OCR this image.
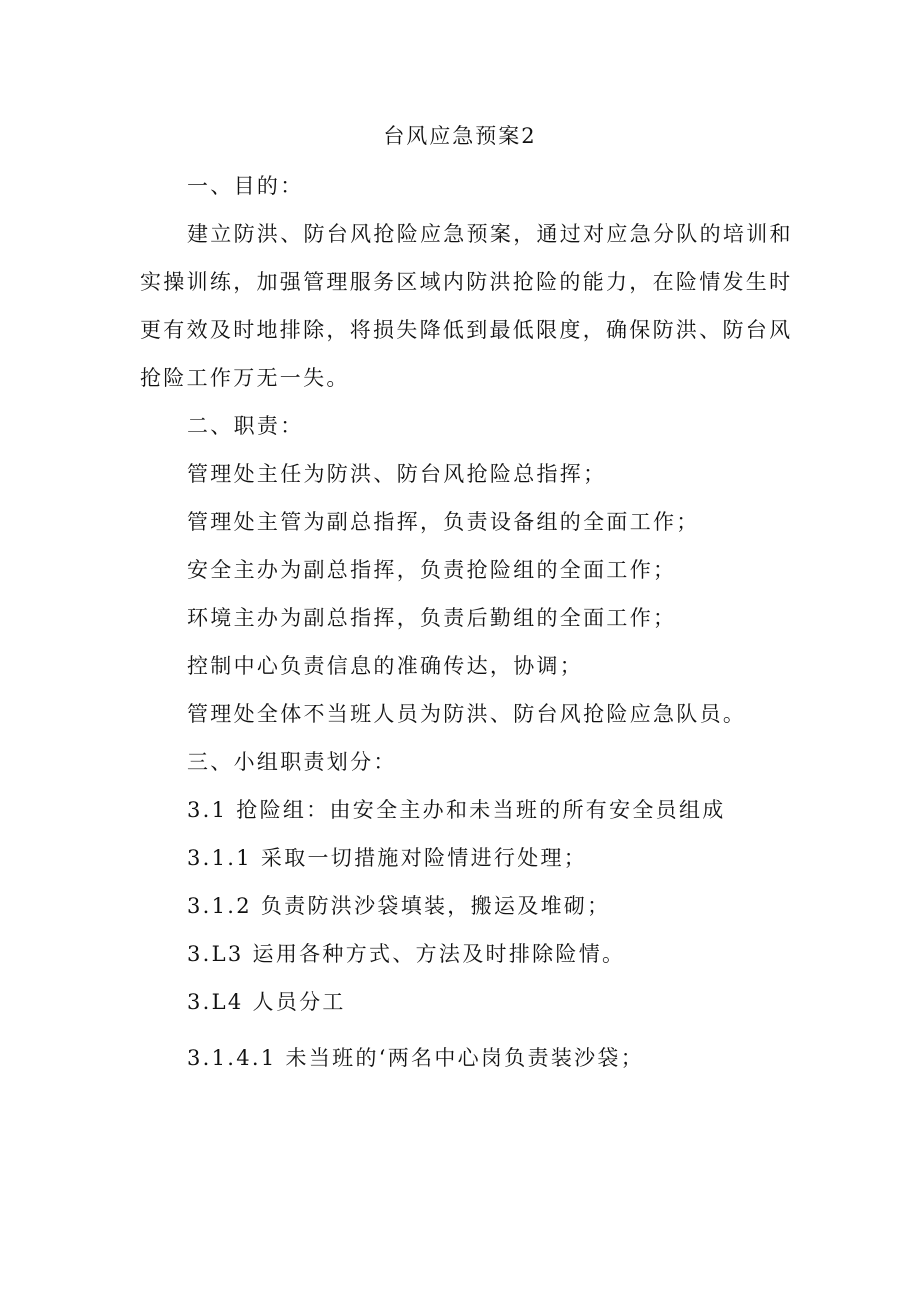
台风应急预案2
一、目的：
建立防洪、防台风抢险应急预案，通过对应急分队的培训和
实操训练，加强管理服务区域内防洪抢险的能力，在险情发生时
更有效及时地排除，将损失降低到最低限度，确保防洪、防台风
抢险工作万无一失。
二、职责：
管理处主任为防洪、防台风抢险总指挥；
管理处主管为副总指挥，负责设备组的全面工作；
安全主办为副总指挥，负责抢险组的全面工作；
环境主办为副总指挥，负责后勤组的全面工作；
控制中心负责信息的准确传达，协调；
管理处全体不当班人员为防洪、防台风抢险应急队员。
三、小组职责划分：
3.1 抢险组：由安全主办和未当班的所有安全员组成
3.1.1 采取一切措施对险情进行处理；
3.1.2 负责防洪沙袋填装，搬运及堆砌；
3.L3 运用各种方式、方法及时排除险情。
3.L4 人员分工
3.1.4.1 未当班的‘两名中心岗负责装沙袋；
